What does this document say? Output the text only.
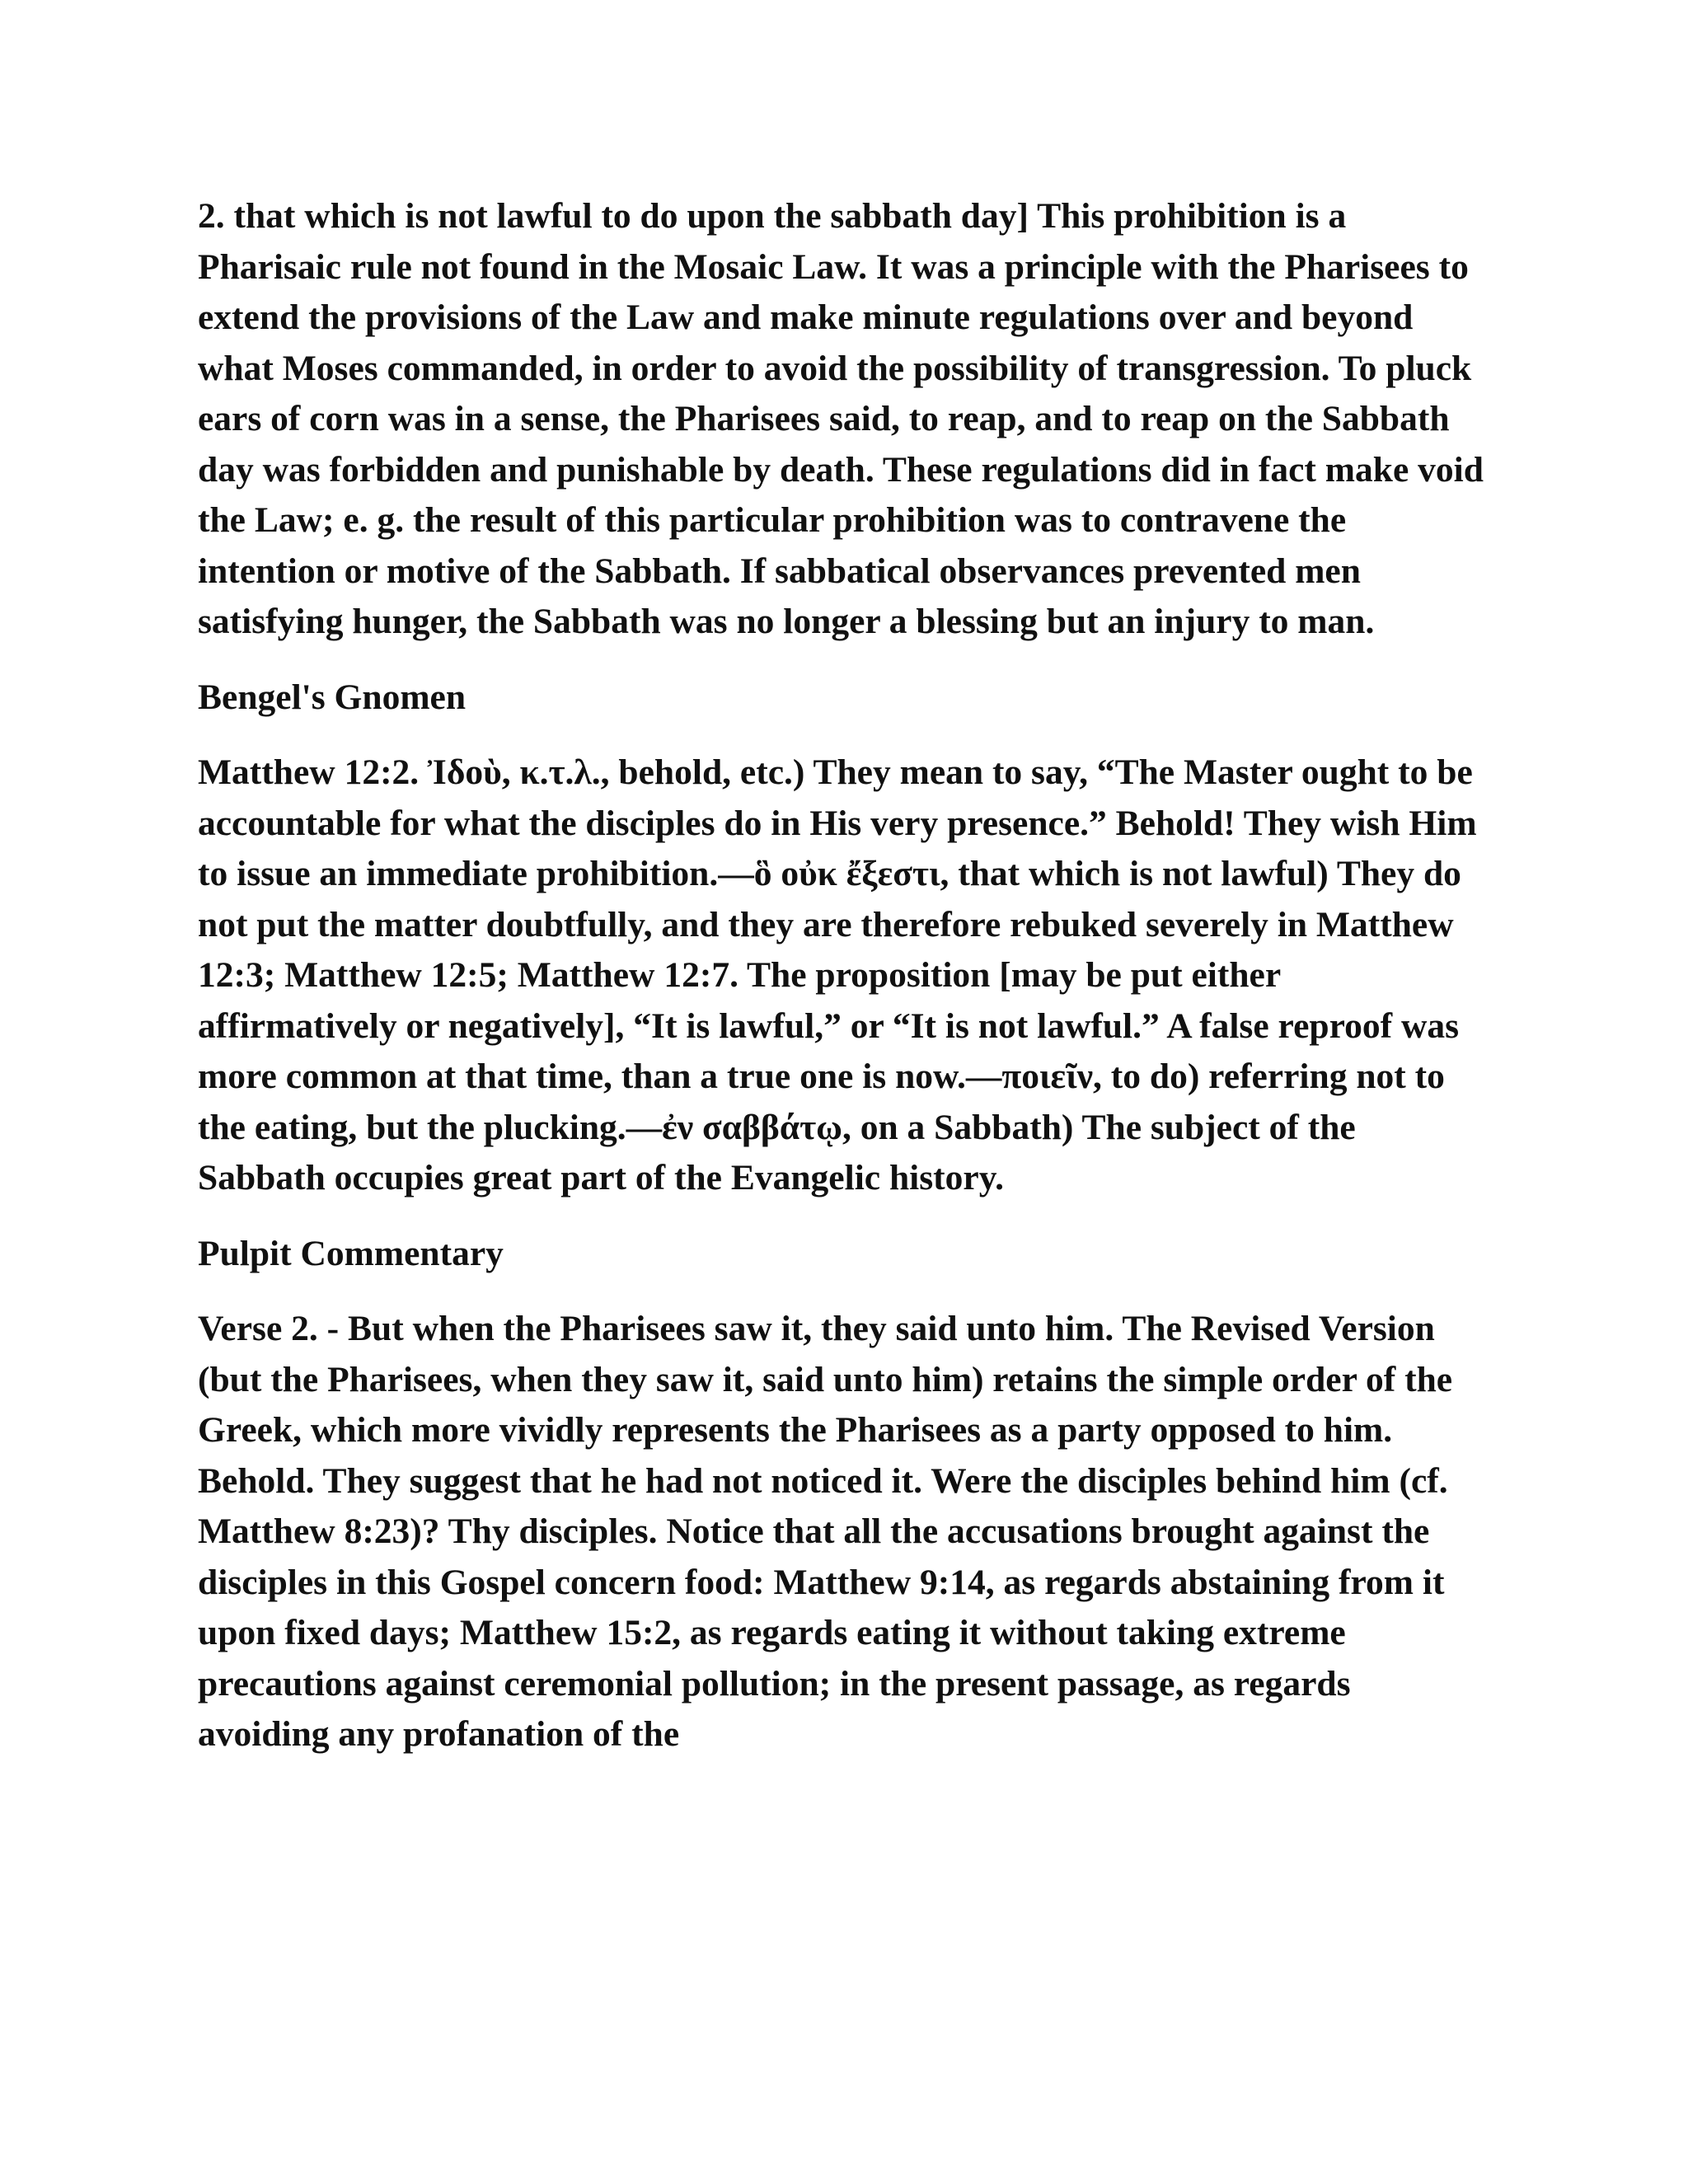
2. that which is not lawful to do upon the sabbath day] This prohibition is a Pharisaic rule not found in the Mosaic Law. It was a principle with the Pharisees to extend the provisions of the Law and make minute regulations over and beyond what Moses commanded, in order to avoid the possibility of transgression. To pluck ears of corn was in a sense, the Pharisees said, to reap, and to reap on the Sabbath day was forbidden and punishable by death. These regulations did in fact make void the Law; e. g. the result of this particular prohibition was to contravene the intention or motive of the Sabbath. If sabbatical observances prevented men satisfying hunger, the Sabbath was no longer a blessing but an injury to man.

Bengel's Gnomen

Matthew 12:2. Ἰδοὺ, κ.τ.λ., behold, etc.) They mean to say, “The Master ought to be accountable for what the disciples do in His very presence.” Behold! They wish Him to issue an immediate prohibition.—ὃ οὐκ ἔξεστι, that which is not lawful) They do not put the matter doubtfully, and they are therefore rebuked severely in Matthew 12:3; Matthew 12:5; Matthew 12:7. The proposition [may be put either affirmatively or negatively], “It is lawful,” or “It is not lawful.” A false reproof was more common at that time, than a true one is now.—ποιεῖν, to do) referring not to the eating, but the plucking.—ἐν σαββάτῳ, on a Sabbath) The subject of the Sabbath occupies great part of the Evangelic history.

Pulpit Commentary

Verse 2. - But when the Pharisees saw it, they said unto him. The Revised Version (but the Pharisees, when they saw it, said unto him) retains the simple order of the Greek, which more vividly represents the Pharisees as a party opposed to him. Behold. They suggest that he had not noticed it. Were the disciples behind him (cf. Matthew 8:23)? Thy disciples. Notice that all the accusations brought against the disciples in this Gospel concern food: Matthew 9:14, as regards abstaining from it upon fixed days; Matthew 15:2, as regards eating it without taking extreme precautions against ceremonial pollution; in the present passage, as regards avoiding any profanation of the
